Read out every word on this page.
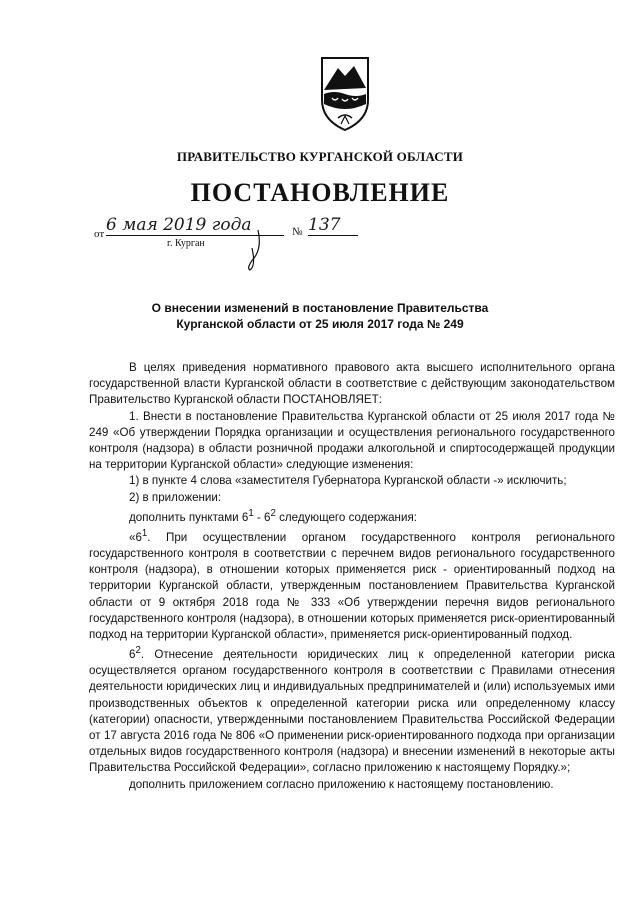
ПРАВИТЕЛЬСТВО КУРГАНСКОЙ ОБЛАСТИ
ПОСТАНОВЛЕНИЕ
от 6 мая 2019 года	№ 137
г. Курган
О внесении изменений в постановление Правительства
Курганской области от 25 июля 2017 года № 249

В целях приведения нормативного правового акта высшего исполнительного органа государственной власти Курганской области в соответствие с действующим законодательством Правительство Курганской области ПОСТАНОВЛЯЕТ:

1. Внести в постановление Правительства Курганской области от 25 июля 2017 года № 249 «Об утверждении Порядка организации и осуществления регионального государственного контроля (надзора) в области розничной продажи алкогольной и спиртосодержащей продукции на территории Курганской области» следующие изменения:

1) в пункте 4 слова «заместителя Губернатора Курганской области -» исключить;

2) в приложении:

дополнить пунктами $6^1 - 6^2$ следующего содержания:

«$6^1$. При осуществлении органом государственного контроля регионального государственного контроля в соответствии с перечнем видов регионального государственного контроля (надзора), в отношении которых применяется риск - ориентированный подход на территории Курганской области, утвержденным постановлением Правительства Курганской области от 9 октября 2018 года № 333 «Об утверждении перечня видов регионального государственного контроля (надзора), в отношении которых применяется риск-ориентированный подход на территории Курганской области», применяется риск-ориентированный подход.

$6^2$. Отнесение деятельности юридических лиц к определенной категории риска осуществляется органом государственного контроля в соответствии с Правилами отнесения деятельности юридических лиц и индивидуальных предпринимателей и (или) используемых ими производственных объектов к определенной категории риска или определенному классу (категории) опасности, утвержденными постановлением Правительства Российской Федерации от 17 августа 2016 года № 806 «О применении риск-ориентированного подхода при организации отдельных видов государственного контроля (надзора) и внесении изменений в некоторые акты Правительства Российской Федерации», согласно приложению к настоящему Порядку.»;

дополнить приложением согласно приложению к настоящему постановлению.
